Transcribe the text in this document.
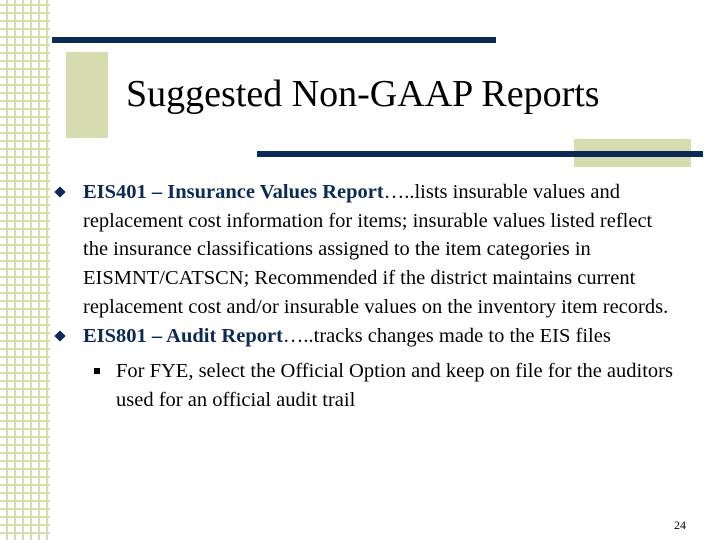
Suggested Non-GAAP Reports

EIS401 – Insurance Values Report…..lists insurable values and replacement cost information for items; insurable values listed reflect the insurance classifications assigned to the item categories in EISMNT/CATSCN; Recommended if the district maintains current replacement cost and/or insurable values on the inventory item records.

EIS801 – Audit Report…..tracks changes made to the EIS files

For FYE, select the Official Option and keep on file for the auditors used for an official audit trail

24
